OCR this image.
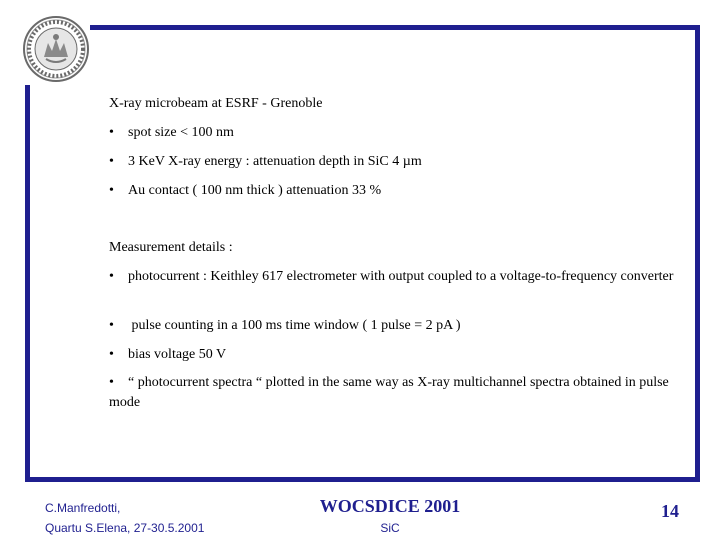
X-ray microbeam at ESRF - Grenoble
• spot size < 100 nm
• 3 KeV X-ray energy : attenuation depth in SiC 4 µm
• Au contact ( 100 nm thick ) attenuation 33 %
Measurement details :
• photocurrent : Keithley 617 electrometer with output coupled to a voltage-to-frequency converter
• pulse counting in a 100 ms time window ( 1 pulse = 2 pA )
• bias voltage 50 V
• “ photocurrent spectra “ plotted in the same way as X-ray multichannel spectra obtained in pulse mode
C.Manfredotti,
Quartu S.Elena, 27-30.5.2001
WOCSDICE 2001
SiC
14
